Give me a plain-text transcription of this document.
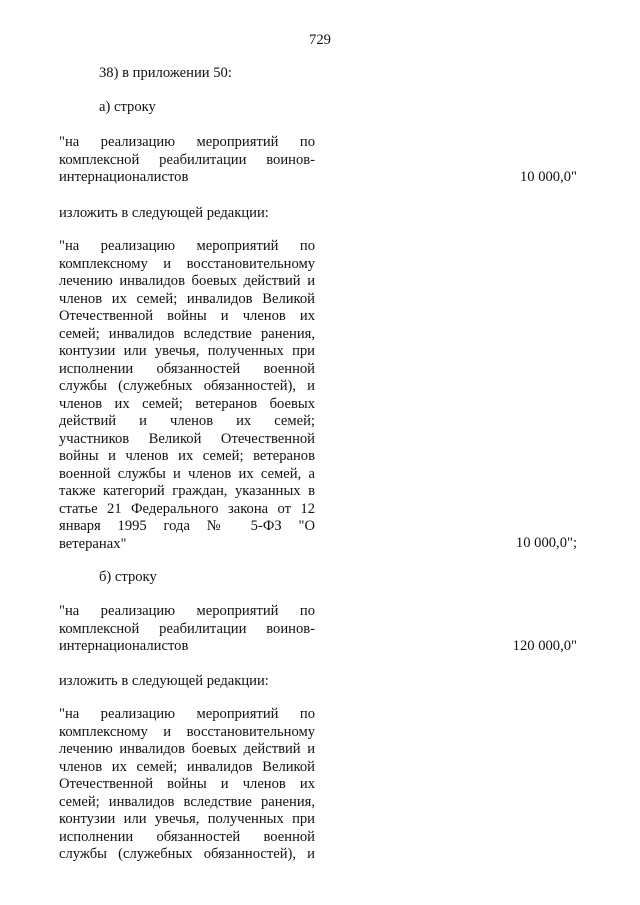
729
38) в приложении 50:
а) строку
"на реализацию мероприятий по
комплексной реабилитации воинов-
интернационалистов	10 000,0"
изложить в следующей редакции:
"на реализацию мероприятий по
комплексному и восстановительному
лечению инвалидов боевых действий и
членов их семей; инвалидов Великой
Отечественной войны и членов их
семей; инвалидов вследствие ранения,
контузии или увечья, полученных при
исполнении обязанностей военной
службы (служебных обязанностей), и
членов их семей; ветеранов боевых
действий и членов их семей;
участников Великой Отечественной
войны и членов их семей; ветеранов
военной службы и членов их семей, а
также категорий граждан, указанных в
статье 21 Федерального закона от 12
января 1995 года № 5-ФЗ "О
ветеранах"	10 000,0";
б) строку
"на реализацию мероприятий по
комплексной реабилитации воинов-
интернационалистов	120 000,0"
изложить в следующей редакции:
"на реализацию мероприятий по
комплексному и восстановительному
лечению инвалидов боевых действий и
членов их семей; инвалидов Великой
Отечественной войны и членов их
семей; инвалидов вследствие ранения,
контузии или увечья, полученных при
исполнении обязанностей военной
службы (служебных обязанностей), и
